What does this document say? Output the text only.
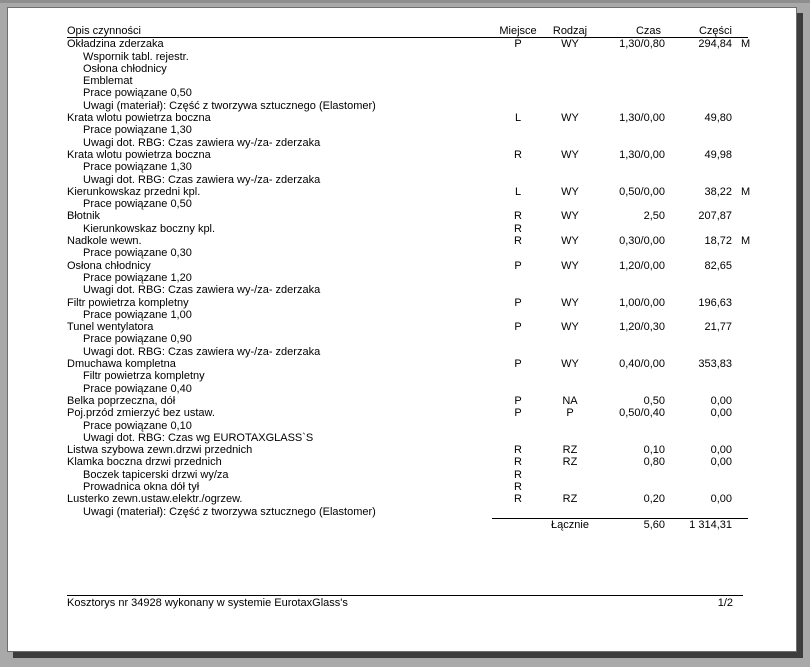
Opis czynności	Miejsce Rodzaj	Czas	Części
Okładzina zderzaka	P	WY	1,30/0,80	294,84 M
Wspornik tabl. rejestr.
Osłona chłodnicy
Emblemat
Prace powiązane 0,50
Uwagi (materiał): Część z tworzywa sztucznego (Elastomer)
Krata wlotu powietrza boczna	L	WY	1,30/0,00	49,80
Prace powiązane 1,30
Uwagi dot. RBG: Czas zawiera wy-/za- zderzaka
Krata wlotu powietrza boczna	R	WY	1,30/0,00	49,98
Prace powiązane 1,30
Uwagi dot. RBG: Czas zawiera wy-/za- zderzaka
Kierunkowskaz przedni kpl.	L	WY	0,50/0,00	38,22 M
Prace powiązane 0,50
Błotnik	R	WY	2,50	207,87
Kierunkowskaz boczny kpl.	R
Nadkole wewn.	R	WY	0,30/0,00	18,72 M
Prace powiązane 0,30
Osłona chłodnicy	P	WY	1,20/0,00	82,65
Prace powiązane 1,20
Uwagi dot. RBG: Czas zawiera wy-/za- zderzaka
Filtr powietrza kompletny	P	WY	1,00/0,00	196,63
Prace powiązane 1,00
Tunel wentylatora	P	WY	1,20/0,30	21,77
Prace powiązane 0,90
Uwagi dot. RBG: Czas zawiera wy-/za- zderzaka
Dmuchawa kompletna	P	WY	0,40/0,00	353,83
Filtr powietrza kompletny
Prace powiązane 0,40
Belka poprzeczna, dół	P	NA	0,50	0,00
Poj.przód zmierzyć bez ustaw.	P	P	0,50/0,40	0,00
Prace powiązane 0,10
Uwagi dot. RBG: Czas wg EUROTAXGLASS`S
Listwa szybowa zewn.drzwi przednich	R	RZ	0,10	0,00
Klamka boczna drzwi przednich	R	RZ	0,80	0,00
Boczek tapicerski drzwi wy/za	R
Prowadnica okna dół tył	R
Lusterko zewn.ustaw.elektr./ogrzew.	R	RZ	0,20	0,00
Uwagi (materiał): Część z tworzywa sztucznego (Elastomer)
Łącznie	5,60	1 314,31
Kosztorys nr 34928 wykonany w systemie EurotaxGlass's	1/2
